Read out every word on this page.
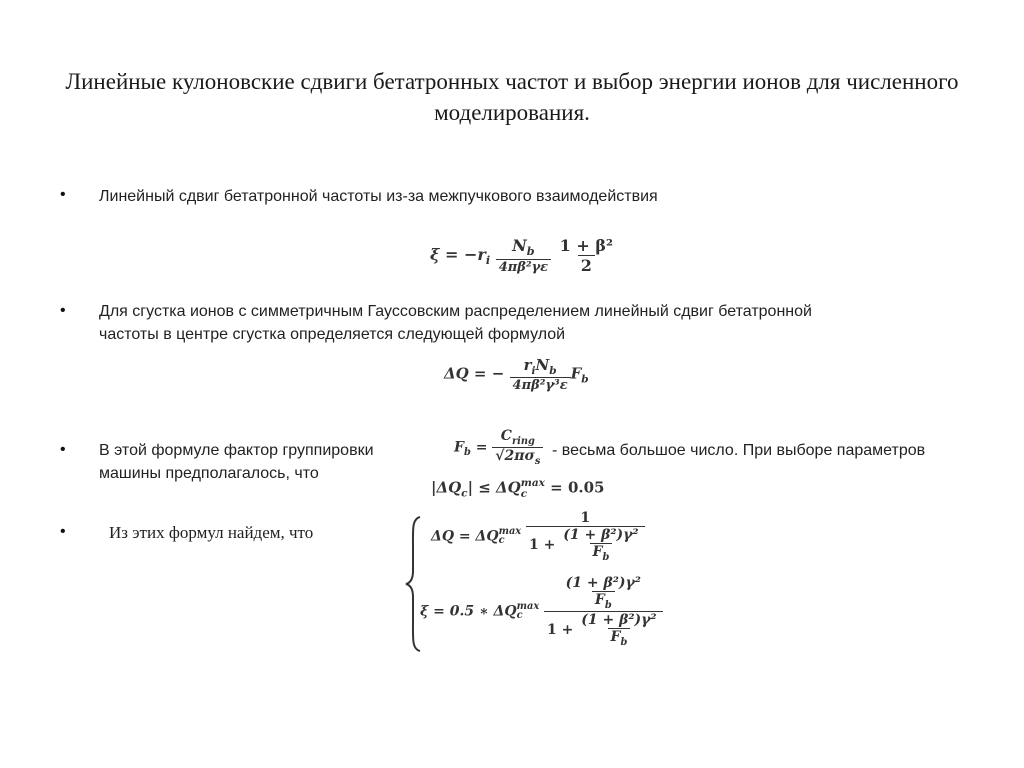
Линейные кулоновские сдвиги бетатронных частот и выбор энергии ионов для численного моделирования.
• Линейный сдвиг бетатронной частоты из-за межпучкового взаимодействия
$\xi = -r_i \frac{N_b}{\text{4πβ²γε}}$
$\frac{\text{1 + β²}}{2}$
• Для сгустка ионов с симметричным Гауссовским распределением линейный сдвиг бетатронной
частоты в центре сгустка определяется следующей формулой
ΔQ = − $\frac{r_iN_b}{\text{4πβ²γ³ε}} F_b$
• В этой формуле фактор группировки	$F_b = \frac{C_{ring}}{√2\pi\sigma_s}$ - весьма большое число. При выборе параметров
машины предполагалось, что
$|\Delta Q_c| \le \Delta Q$ max
c	= 0.05
•	Из этих формул найдем, что	ΔQ = ΔQ max
c
	$\frac{1}{1 + \frac{\text{(1 + β²)γ²}}{F_b}}$
ξ = 0.5 ∗ ΔQ max
c
	$\frac{\frac{\text{(1 + β²)γ²}}{F_b}}{1 + \frac{\text{(1 + β²)γ²}}{F_b}}$
